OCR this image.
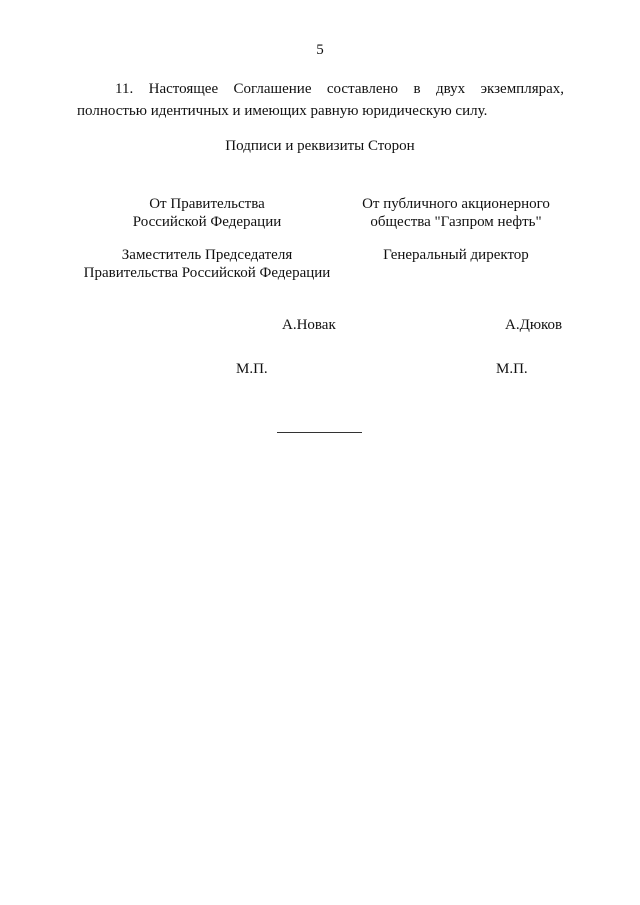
5

11. Настоящее Соглашение составлено в двух экземплярах, полностью идентичных и имеющих равную юридическую силу.

Подписи и реквизиты Сторон
От Правительства
Российской Федерации
От публичного акционерного
общества "Газпром нефть"
Заместитель Председателя
Правительства Российской Федерации
Генеральный директор
А.Новак	А.Дюков
М.П.	М.П.
